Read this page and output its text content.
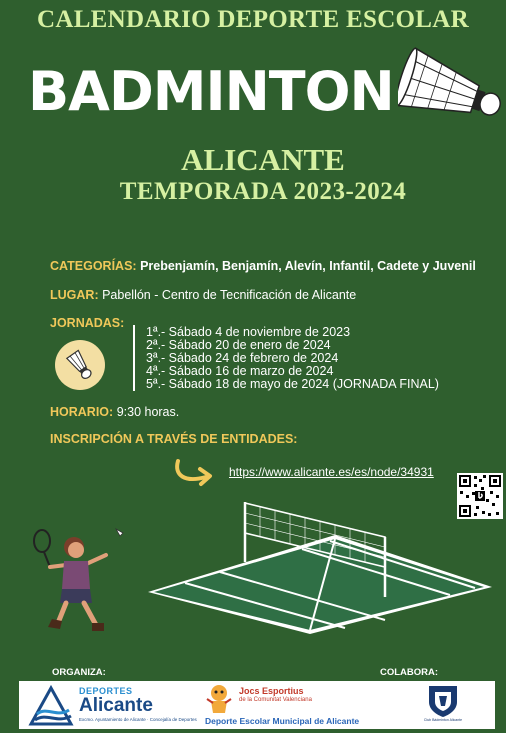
CALENDARIO DEPORTE ESCOLAR
BADMINTON
ALICANTE
TEMPORADA 2023-2024
CATEGORÍAS: Prebenjamín, Benjamín, Alevín, Infantil, Cadete y Juvenil
LUGAR: Pabellón - Centro de Tecnificación de Alicante
JORNADAS:
1ª.- Sábado 4 de noviembre de 2023
2ª.- Sábado 20 de enero de 2024
3ª.- Sábado 24 de febrero de 2024
4ª.- Sábado 16 de marzo de 2024
5ª.- Sábado 18 de mayo de 2024 (JORNADA FINAL)
HORARIO: 9:30 horas.
INSCRIPCIÓN A TRAVÉS DE ENTIDADES:
https://www.alicante.es/es/node/34931
ORGANIZA:	COLABORA:
DEPORTES
Alicante
Excmo. Ayuntamiento de Alicante · Concejalía de Deportes
Jocs Esportius
de la Comunitat Valenciana
Deporte Escolar Municipal de Alicante	Club Bádminton Alicante
